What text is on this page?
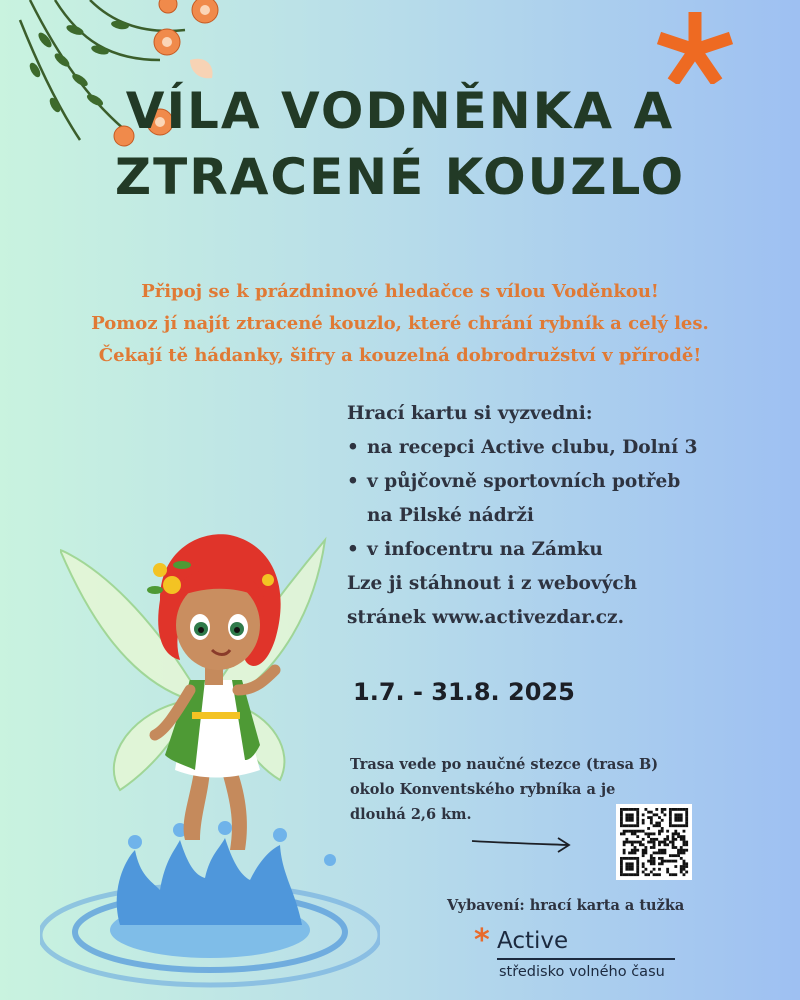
VÍLA VODNĚNKA A
ZTRACENÉ KOUZLO
Připoj se k prázdninové hledačce s vílou Voděnkou!
Pomoz jí najít ztracené kouzlo, které chrání rybník a celý les.
Čekají tě hádanky, šifry a kouzelná dobrodružství v přírodě!
Hrací kartu si vyzvedni:
• na recepci Active clubu, Dolní 3
• v půjčovně sportovních potřeb
na Pilské nádrži
• v infocentru na Zámku
Lze ji stáhnout i z webových
stránek www.activezdar.cz.
1.7. - 31.8. 2025
Trasa vede po naučné stezce (trasa B)
okolo Konventského rybníka a je
dlouhá 2,6 km.
Vybavení: hrací karta a tužka
* Active
středisko volného času
